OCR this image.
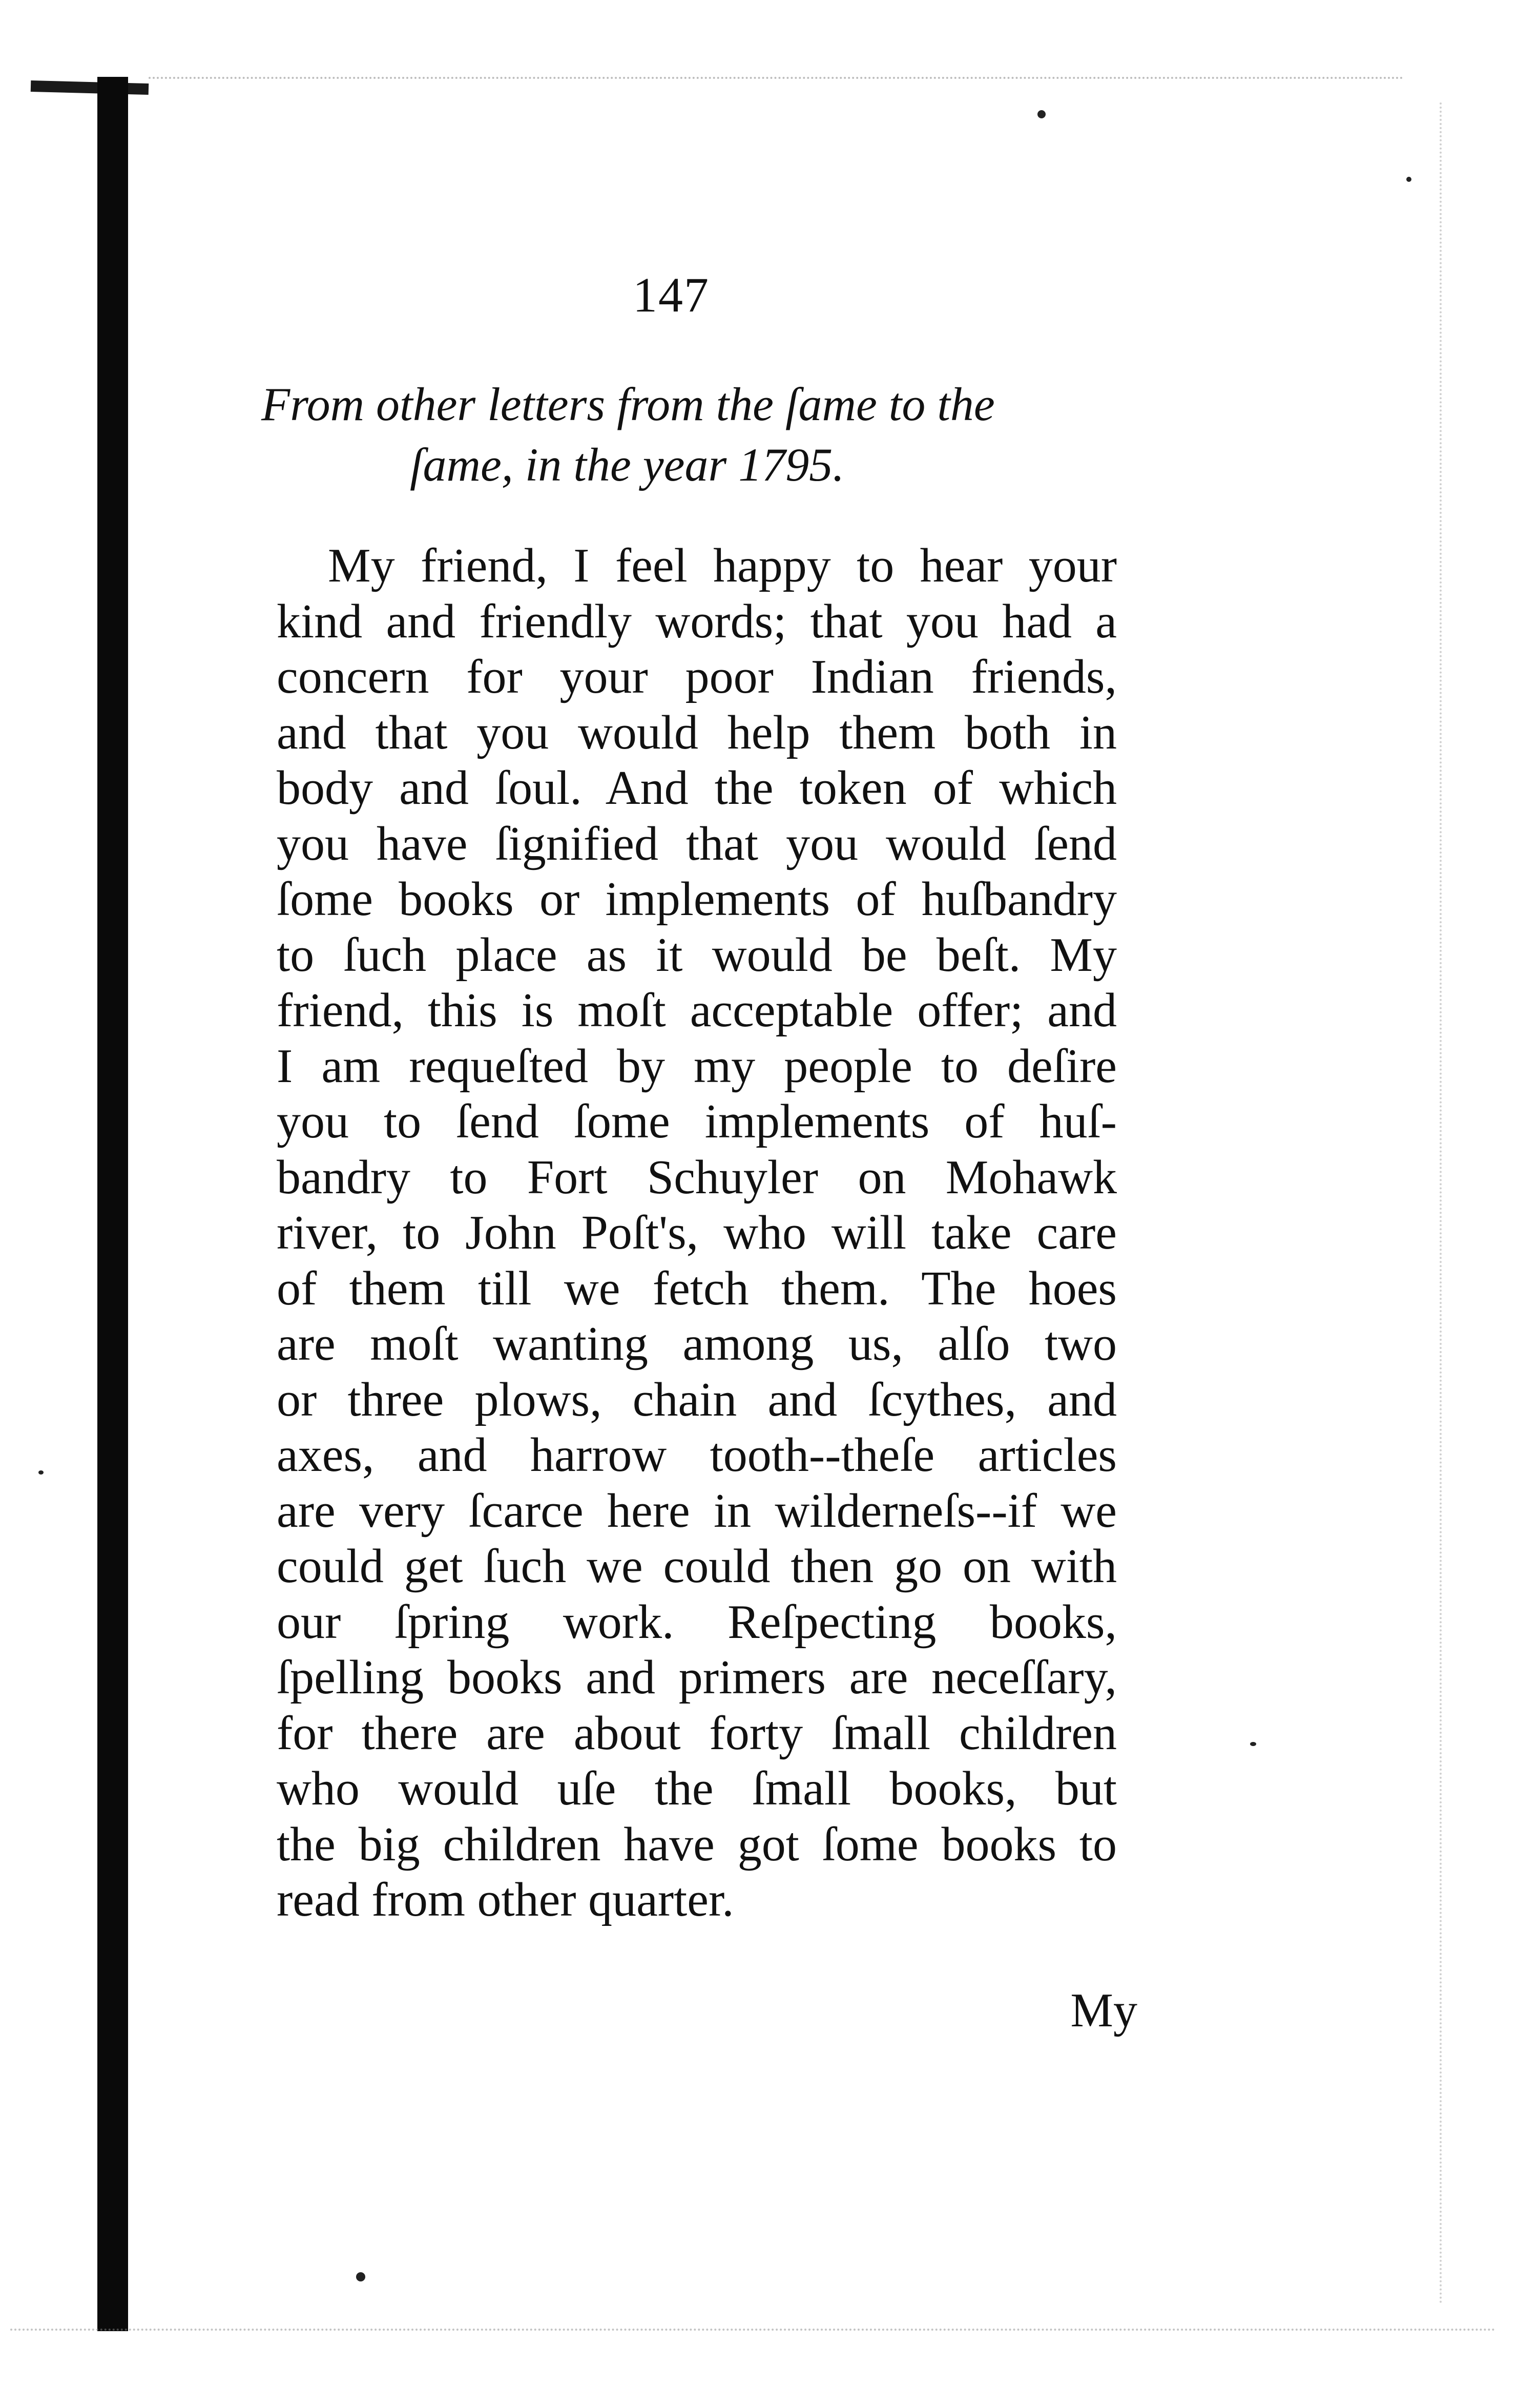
147
From other letters from the ſame to the
ſame, in the year 1795.
My friend, I feel happy to hear your
kind and friendly words; that you had a
concern for your poor Indian friends,
and that you would help them both in
body and ſoul. And the token of which
you have ſignified that you would ſend
ſome books or implements of huſbandry
to ſuch place as it would be beſt. My
friend, this is moſt acceptable offer; and
I am requeſted by my people to deſire
you to ſend ſome implements of huſ-
bandry to Fort Schuyler on Mohawk
river, to John Poſt's, who will take care
of them till we fetch them. The hoes
are moſt wanting among us, alſo two
or three plows, chain and ſcythes, and
axes, and harrow tooth--theſe articles
are very ſcarce here in wilderneſs--if we
could get ſuch we could then go on with
our ſpring work. Reſpecting books,
ſpelling books and primers are neceſſary,
for there are about forty ſmall children
who would uſe the ſmall books, but
the big children have got ſome books to
read from other quarter.
My
